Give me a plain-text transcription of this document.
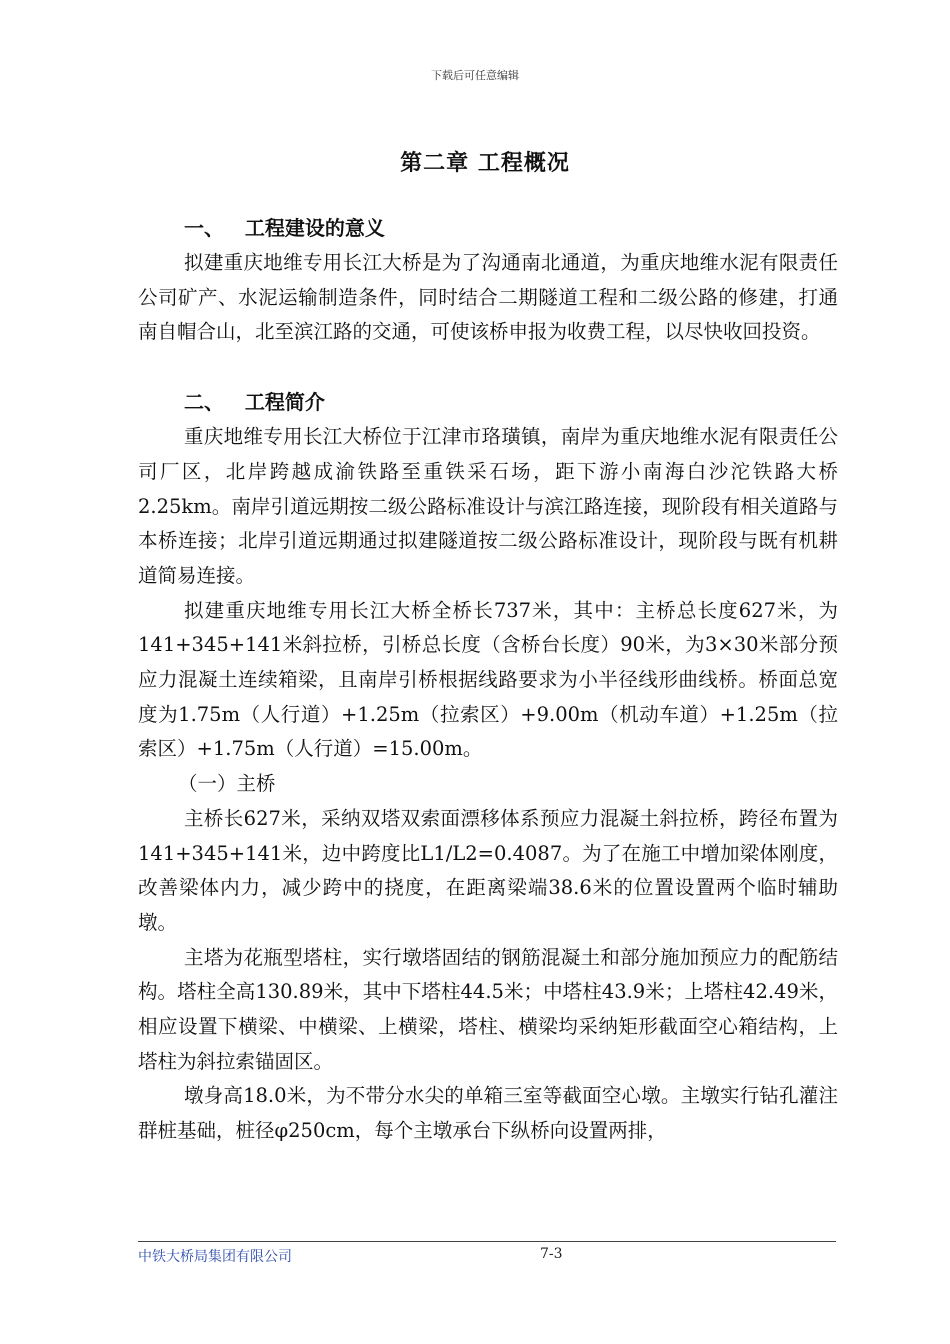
下载后可任意编辑
第二章 工程概况
一、   工程建设的意义

拟建重庆地维专用长江大桥是为了沟通南北通道，为重庆地维水泥有限责任公司矿产、水泥运输制造条件，同时结合二期隧道工程和二级公路的修建，打通南自帽合山，北至滨江路的交通，可使该桥申报为收费工程，以尽快收回投资。

二、   工程简介

重庆地维专用长江大桥位于江津市珞璜镇，南岸为重庆地维水泥有限责任公司厂区，北岸跨越成渝铁路至重铁采石场，距下游小南海白沙沱铁路大桥2.25km。南岸引道远期按二级公路标准设计与滨江路连接，现阶段有相关道路与本桥连接；北岸引道远期通过拟建隧道按二级公路标准设计，现阶段与既有机耕道简易连接。

拟建重庆地维专用长江大桥全桥长737米，其中：主桥总长度627米，为141+345+141米斜拉桥，引桥总长度（含桥台长度）90米，为3×30米部分预应力混凝土连续箱梁，且南岸引桥根据线路要求为小半径线形曲线桥。桥面总宽度为1.75m（人行道）+1.25m（拉索区）+9.00m（机动车道）+1.25m（拉索区）+1.75m（人行道）=15.00m。

（一）主桥

主桥长627米，采纳双塔双索面漂移体系预应力混凝土斜拉桥，跨径布置为141+345+141米，边中跨度比L1/L2=0.4087。为了在施工中增加梁体刚度，改善梁体内力，减少跨中的挠度，在距离梁端38.6米的位置设置两个临时辅助墩。

主塔为花瓶型塔柱，实行墩塔固结的钢筋混凝土和部分施加预应力的配筋结构。塔柱全高130.89米，其中下塔柱44.5米；中塔柱43.9米；上塔柱42.49米，相应设置下横梁、中横梁、上横梁，塔柱、横梁均采纳矩形截面空心箱结构，上塔柱为斜拉索锚固区。

墩身高18.0米，为不带分水尖的单箱三室等截面空心墩。主墩实行钻孔灌注群桩基础，桩径φ250cm，每个主墩承台下纵桥向设置两排，

中铁大桥局集团有限公司	7-3
